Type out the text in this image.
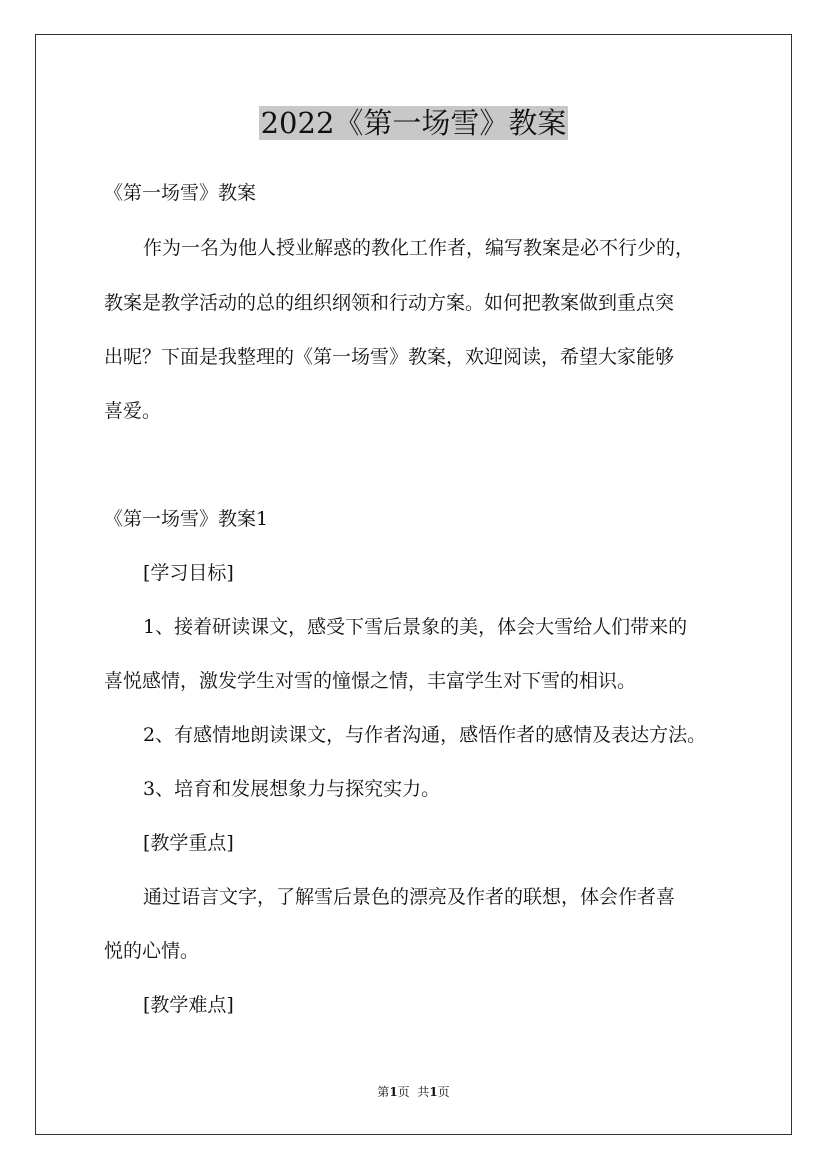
2022《第一场雪》教案
《第一场雪》教案
作为一名为他人授业解惑的教化工作者，编写教案是必不行少的，
教案是教学活动的总的组织纲领和行动方案。如何把教案做到重点突
出呢？下面是我整理的《第一场雪》教案，欢迎阅读，希望大家能够
喜爱。
《第一场雪》教案1
[学习目标]
1、接着研读课文，感受下雪后景象的美，体会大雪给人们带来的
喜悦感情，激发学生对雪的憧憬之情，丰富学生对下雪的相识。
2、有感情地朗读课文，与作者沟通，感悟作者的感情及表达方法。
3、培育和发展想象力与探究实力。
[教学重点]
通过语言文字，了解雪后景色的漂亮及作者的联想，体会作者喜
悦的心情。
[教学难点]
第1页  共1页
